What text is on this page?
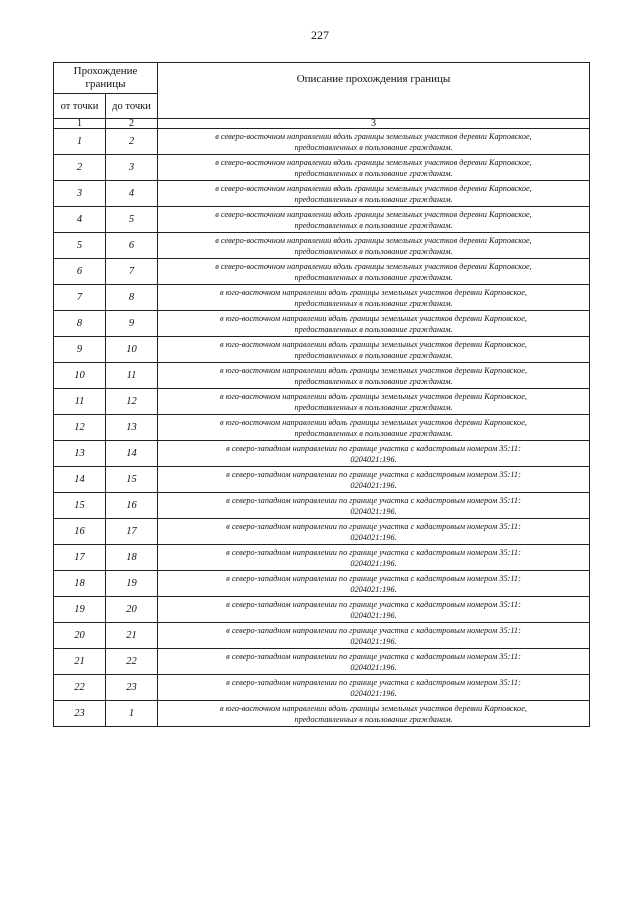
227
Прохождение границы		Описание прохождения границы
от точки	до точки	
1	2	3
1	2	в северо-восточном направлении вдоль границы земельных участков деревни Карповское,
предоставленных в пользование гражданам.
2	3	в северо-восточном направлении вдоль границы земельных участков деревни Карповское,
предоставленных в пользование гражданам.
3	4	в северо-восточном направлении вдоль границы земельных участков деревни Карповское,
предоставленных в пользование гражданам.
4	5	в северо-восточном направлении вдоль границы земельных участков деревни Карповское,
предоставленных в пользование гражданам.
5	6	в северо-восточном направлении вдоль границы земельных участков деревни Карповское,
предоставленных в пользование гражданам.
6	7	в северо-восточном направлении вдоль границы земельных участков деревни Карповское,
предоставленных в пользование гражданам.
7	8	в юго-восточном направлении вдоль границы земельных участков деревни Карповское,
предоставленных в пользование гражданам.
8	9	в юго-восточном направлении вдоль границы земельных участков деревни Карповское,
предоставленных в пользование гражданам.
9	10	в юго-восточном направлении вдоль границы земельных участков деревни Карповское,
предоставленных в пользование гражданам.
10	11	в юго-восточном направлении вдоль границы земельных участков деревни Карповское,
предоставленных в пользование гражданам.
11	12	в юго-восточном направлении вдоль границы земельных участков деревни Карповское,
предоставленных в пользование гражданам.
12	13	в юго-восточном направлении вдоль границы земельных участков деревни Карповское,
предоставленных в пользование гражданам.
13	14	в северо-западном направлении по границе участка с кадастровым номером 35:11:
0204021:196.
14	15	в северо-западном направлении по границе участка с кадастровым номером 35:11:
0204021:196.
15	16	в северо-западном направлении по границе участка с кадастровым номером 35:11:
0204021:196.
16	17	в северо-западном направлении по границе участка с кадастровым номером 35:11:
0204021:196.
17	18	в северо-западном направлении по границе участка с кадастровым номером 35:11:
0204021:196.
18	19	в северо-западном направлении по границе участка с кадастровым номером 35:11:
0204021:196.
19	20	в северо-западном направлении по границе участка с кадастровым номером 35:11:
0204021:196.
20	21	в северо-западном направлении по границе участка с кадастровым номером 35:11:
0204021:196.
21	22	в северо-западном направлении по границе участка с кадастровым номером 35:11:
0204021:196.
22	23	в северо-западном направлении по границе участка с кадастровым номером 35:11:
0204021:196.
23	1	в юго-восточном направлении вдоль границы земельных участков деревни Карповское,
предоставленных в пользование гражданам.
